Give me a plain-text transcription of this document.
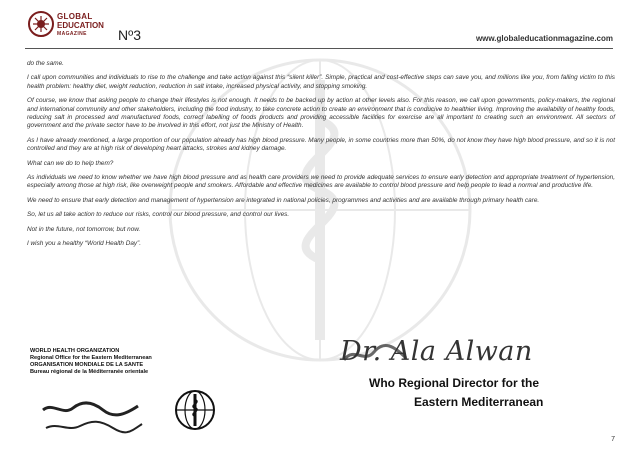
GLOBAL
EDUCATION
MAGAZINE	Nº3	www.globaleducationmagazine.com

do the same.

I call upon communities and individuals to rise to the challenge and take action against this “silent killer”. Simple, practical and cost-effective steps can save you, and millions like you, from falling victim to this health problem: healthy diet, weight reduction, reduction in salt intake, increased physical activity, and stopping smoking.

Of course, we know that asking people to change their lifestyles is not enough. It needs to be backed up by action at other levels also. For this reason, we call upon governments, policy-makers, the regional and international community and other stakeholders, including the food industry, to take concrete action to create an environment that is conducive to healthier living. Improving the availability of healthy foods, reducing salt in processed and manufactured foods, correct labelling of foods products and providing accessible facilities for exercise are all important to creating such an environment. All sectors of government and the private sector have to be involved in this effort, not just the Ministry of Health.

As I have already mentioned, a large proportion of our population already has high blood pressure. Many people, in some countries more than 50%, do not know they have high blood pressure, and so it is not controlled and they are at high risk of developing heart attacks, strokes and kidney damage.

What can we do to help them?

As individuals we need to know whether we have high blood pressure and as health care providers we need to provide adequate services to ensure early detection and appropriate treatment of hypertension, especially among those at high risk, like overweight people and smokers. Affordable and effective medicines are available to control blood pressure and help people to lead a normal and productive life.

We need to ensure that early detection and management of hypertension are integrated in national policies, programmes and activities and are available through primary health care.

So, let us all take action to reduce our risks, control our blood pressure, and control our lives.

Not in the future, not tomorrow, but now.

I wish you a healthy “World Health Day”.

WORLD HEALTH ORGANIZATION
Regional Office for the Eastern Mediterranean
ORGANISATION MONDIALE DE LA SANTE
Bureau régional de la Méditerranée orientale
Dr. Ala Alwan
Who Regional Director for the
Eastern Mediterranean
7
